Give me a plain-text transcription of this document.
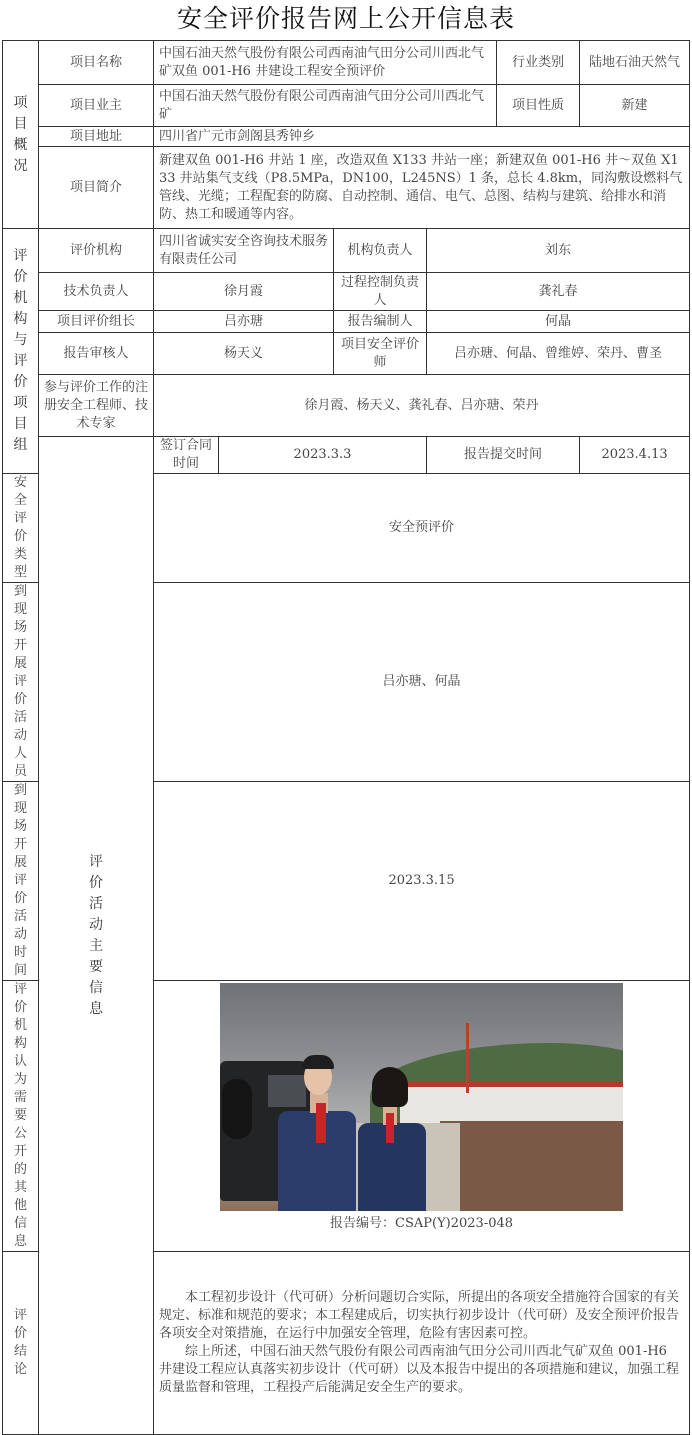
安全评价报告网上公开信息表
项目概况	项目名称	中国石油天然气股份有限公司西南油气田分公司川西北气矿双鱼 001-H6 井建设工程安全预评价				行业类别	陆地石油天然气
	项目业主	中国石油天然气股份有限公司西南油气田分公司川西北气矿				项目性质	新建
	项目地址	四川省广元市剑阁县秀钟乡					
	项目简介	新建双鱼 001-H6 井站 1 座，改造双鱼 X133 井站一座；新建双鱼 001-H6 井～双鱼 X133 井站集气支线（P8.5MPa，DN100，L245NS）1 条，总长 4.8km，同沟敷设燃料气管线、光缆；工程配套的防腐、自动控制、通信、电气、总图、结构与建筑、给排水和消防、热工和暖通等内容。					
评价机构与评价项目组	评价机构	四川省诚实安全咨询技术服务有限责任公司		机构负责人	刘东		
	技术负责人	徐月霞		过程控制负责人	龚礼春		
	项目评价组长	吕亦瑭		报告编制人	何晶		
	报告审核人	杨天义		项目安全评价师	吕亦瑭、何晶、曾维婷、荣丹、曹圣		
	参与评价工作的注册安全工程师、技术专家	徐月霞、杨天义、龚礼春、吕亦瑭、荣丹					
	评价活动主要信息	签订合同时间	2023.3.3		报告提交时间		2023.4.13
安全评价类型		安全预评价					
到现场开展评价活动人员		吕亦瑭、何晶					
到现场开展评价活动时间		2023.3.15					
评价机构认为需要公开的其他信息		报告编号：CSAP(Y)2023-048					

评价结论		本工程初步设计（代可研）分析问题切合实际，所提出的各项安全措施符合国家的有关规定、标准和规范的要求；本工程建成后，切实执行初步设计（代可研）及安全预评价报告各项安全对策措施，在运行中加强安全管理，危险有害因素可控。

综上所述，中国石油天然气股份有限公司西南油气田分公司川西北气矿双鱼 001-H6 井建设工程应认真落实初步设计（代可研）以及本报告中提出的各项措施和建议，加强工程质量监督和管理，工程投产后能满足安全生产的要求。					
